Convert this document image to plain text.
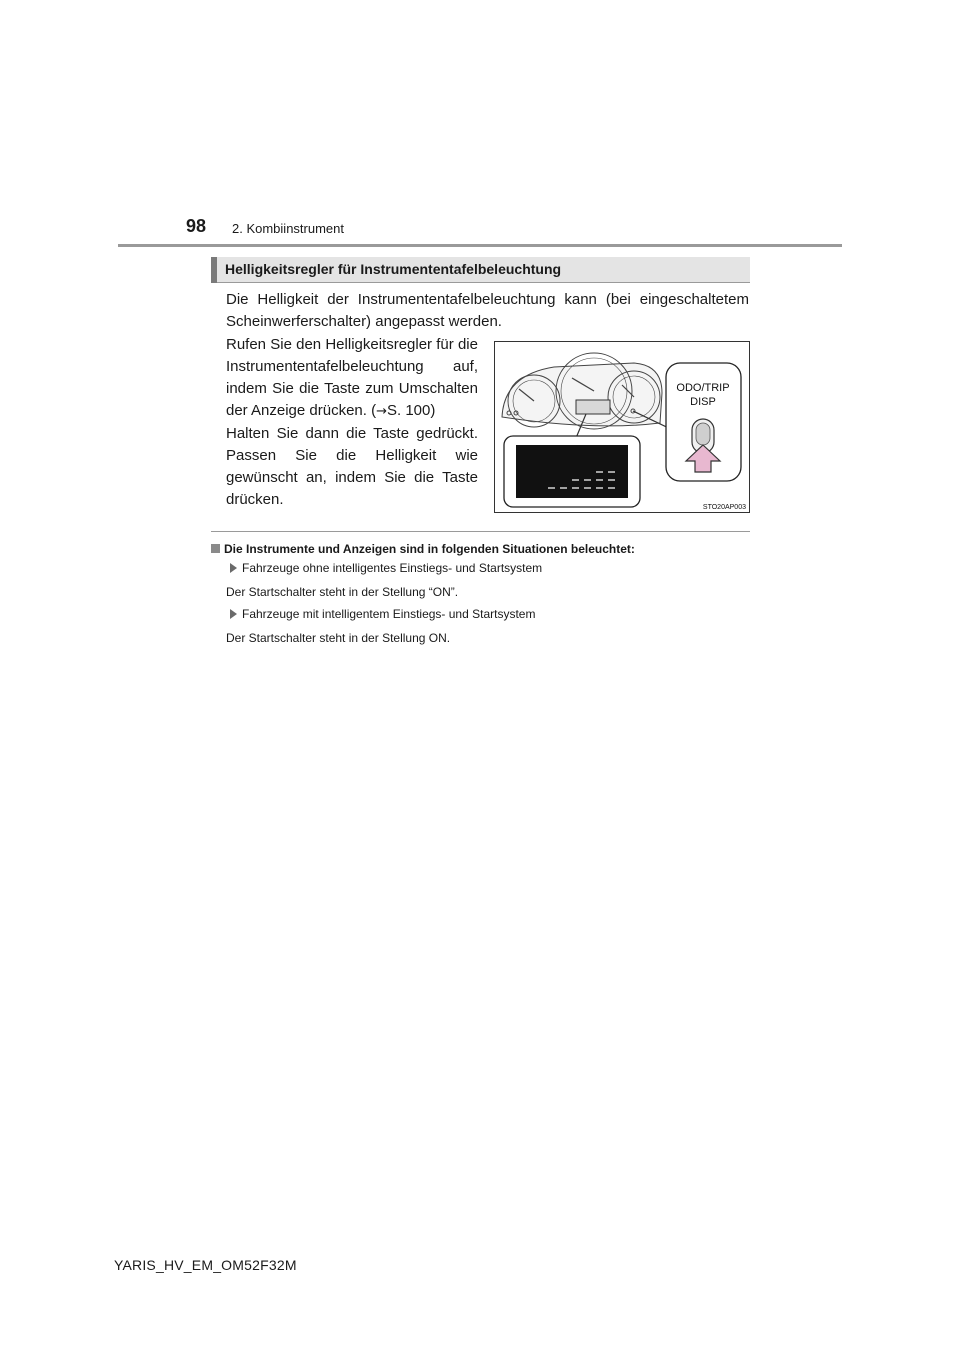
98 2. Kombiinstrument
Helligkeitsregler für Instrumententafelbeleuchtung
Die Helligkeit der Instrumententafelbeleuchtung kann (bei eingeschaltetem Scheinwerferschalter) angepasst werden.
Rufen Sie den Helligkeitsregler für die Instrumententafelbeleuchtung auf, indem Sie die Taste zum Umschalten der Anzeige drücken. (→S. 100)
Halten Sie dann die Taste gedrückt. Passen Sie die Helligkeit wie gewünscht an, indem Sie die Taste drücken.
ODO/TRIP
DISP
STO20AP003
Die Instrumente und Anzeigen sind in folgenden Situationen beleuchtet:
Fahrzeuge ohne intelligentes Einstiegs- und Startsystem
Der Startschalter steht in der Stellung “ON”.
Fahrzeuge mit intelligentem Einstiegs- und Startsystem
Der Startschalter steht in der Stellung ON.
YARIS_HV_EM_OM52F32M
